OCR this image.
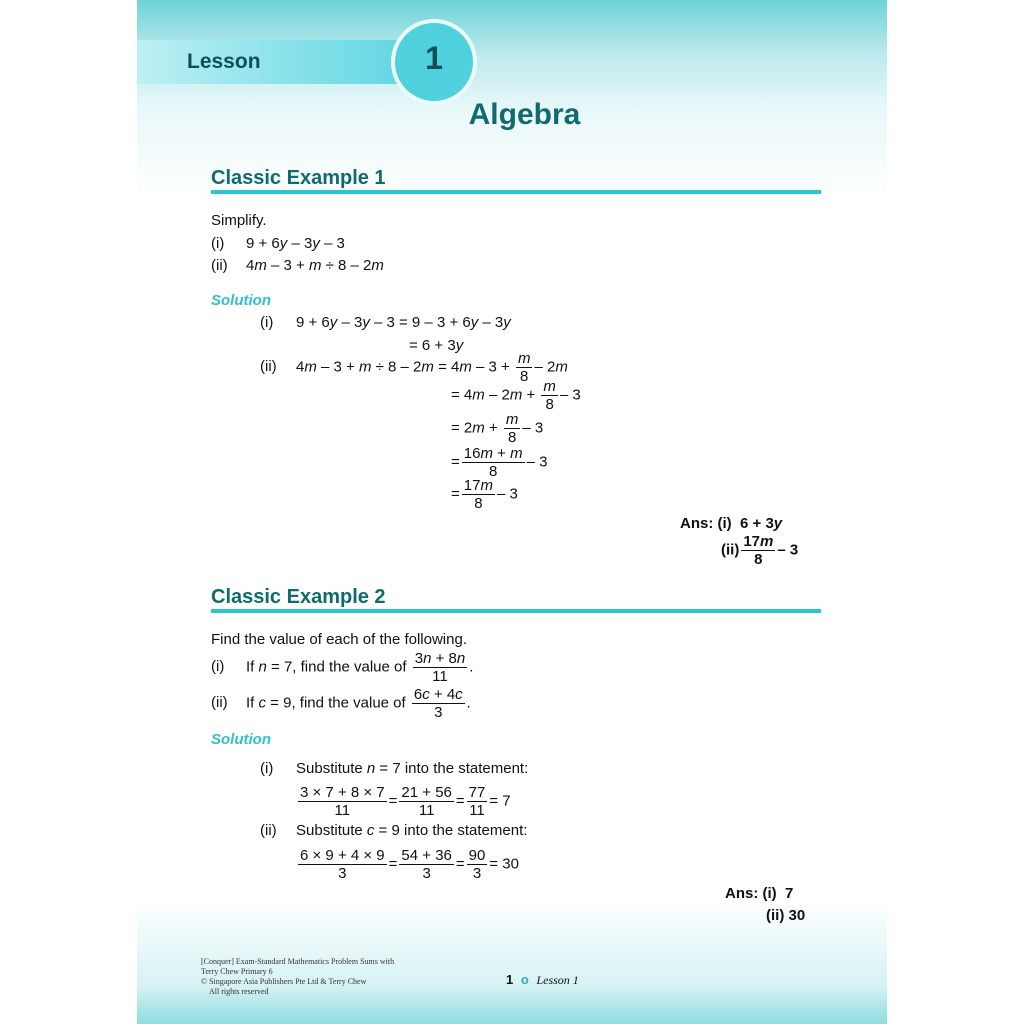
Lesson	1
Algebra
Classic Example 1
Simplify.
(i) 9 + 6y – 3y – 3
(ii) 4m – 3 + m ÷ 8 – 2m
Solution
(i) 9 + 6y – 3y – 3 = 9 – 3 + 6y – 3y
= 6 + 3y
(ii) $4m - 3 + m \div 8 - 2m = 4m - 3 + \frac{m}{8} - 2m$
= $4m - 2m + \frac{m}{8} - 3$
= $2m + \frac{m}{8} - 3$
= $\frac{16m + m}{8} - 3$
= $\frac{17m}{8} - 3$
Ans: (i) 6 + 3y
$(ii) \frac{17m}{8} - 3$
Classic Example 2
Find the value of each of the following.
(i) If n = 7, find the value of $\frac{3n + 8n}{11}$ .
(ii) If c = 9, find the value of $\frac{6c + 4c}{3}$ .
Solution
(i) Substitute n = 7 into the statement:
$\frac{3 \times 7 + 8 \times 7}{11} = \frac{21 + 56}{11} = \frac{77}{11} = 7$
(ii) Substitute c = 9 into the statement:
$\frac{6 \times 9 + 4 \times 9}{3} = \frac{54 + 36}{3} = \frac{90}{3} = 30$
Ans: (i) 7
(ii) 30
[Conquer] Exam-Standard Mathematics Problem Sums with
Terry Chew Primary 6
© Singapore Asia Publishers Pte Ltd & Terry Chew
All rights reserved
1 o Lesson 1
